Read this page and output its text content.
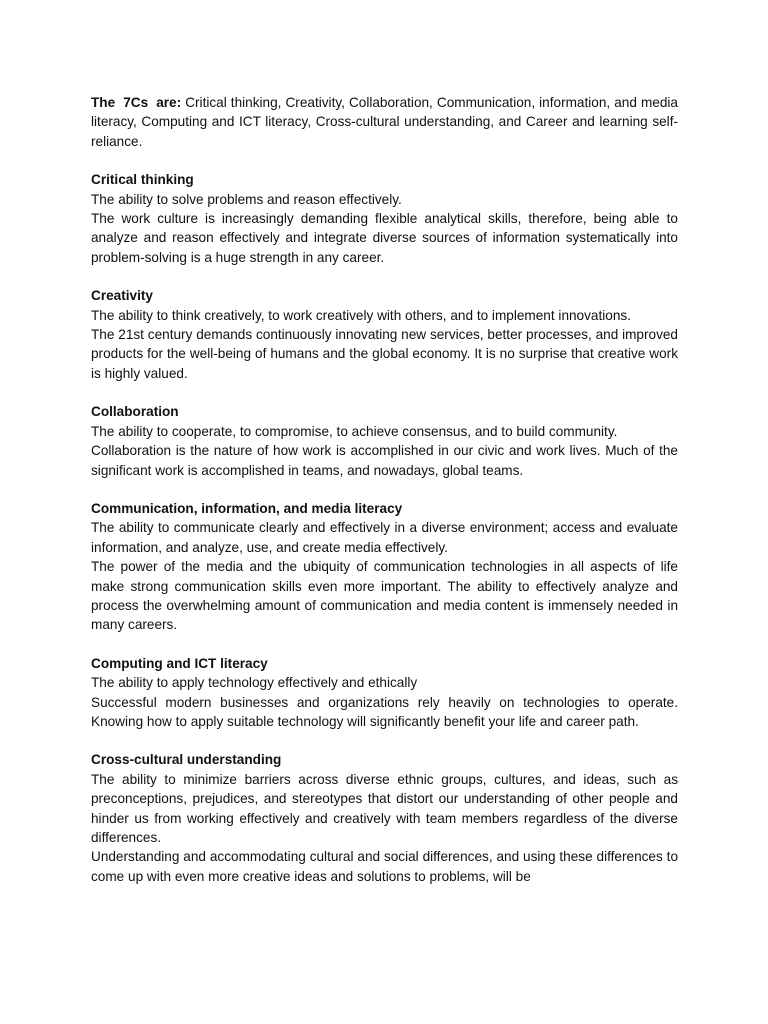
The 7Cs are: Critical thinking, Creativity, Collaboration, Communication, information, and media literacy, Computing and ICT literacy, Cross-cultural understanding, and Career and learning self-reliance.

Critical thinking

The ability to solve problems and reason effectively.

The work culture is increasingly demanding flexible analytical skills, therefore, being able to analyze and reason effectively and integrate diverse sources of information systematically into problem-solving is a huge strength in any career.

Creativity

The ability to think creatively, to work creatively with others, and to implement innovations.

The 21st century demands continuously innovating new services, better processes, and improved products for the well-being of humans and the global economy. It is no surprise that creative work is highly valued.

Collaboration

The ability to cooperate, to compromise, to achieve consensus, and to build community.

Collaboration is the nature of how work is accomplished in our civic and work lives. Much of the significant work is accomplished in teams, and nowadays, global teams.

Communication, information, and media literacy

The ability to communicate clearly and effectively in a diverse environment; access and evaluate information, and analyze, use, and create media effectively.

The power of the media and the ubiquity of communication technologies in all aspects of life make strong communication skills even more important. The ability to effectively analyze and process the overwhelming amount of communication and media content is immensely needed in many careers.

Computing and ICT literacy

The ability to apply technology effectively and ethically

Successful modern businesses and organizations rely heavily on technologies to operate. Knowing how to apply suitable technology will significantly benefit your life and career path.

Cross-cultural understanding

The ability to minimize barriers across diverse ethnic groups, cultures, and ideas, such as preconceptions, prejudices, and stereotypes that distort our understanding of other people and hinder us from working effectively and creatively with team members regardless of the diverse differences.

Understanding and accommodating cultural and social differences, and using these differences to come up with even more creative ideas and solutions to problems, will be
